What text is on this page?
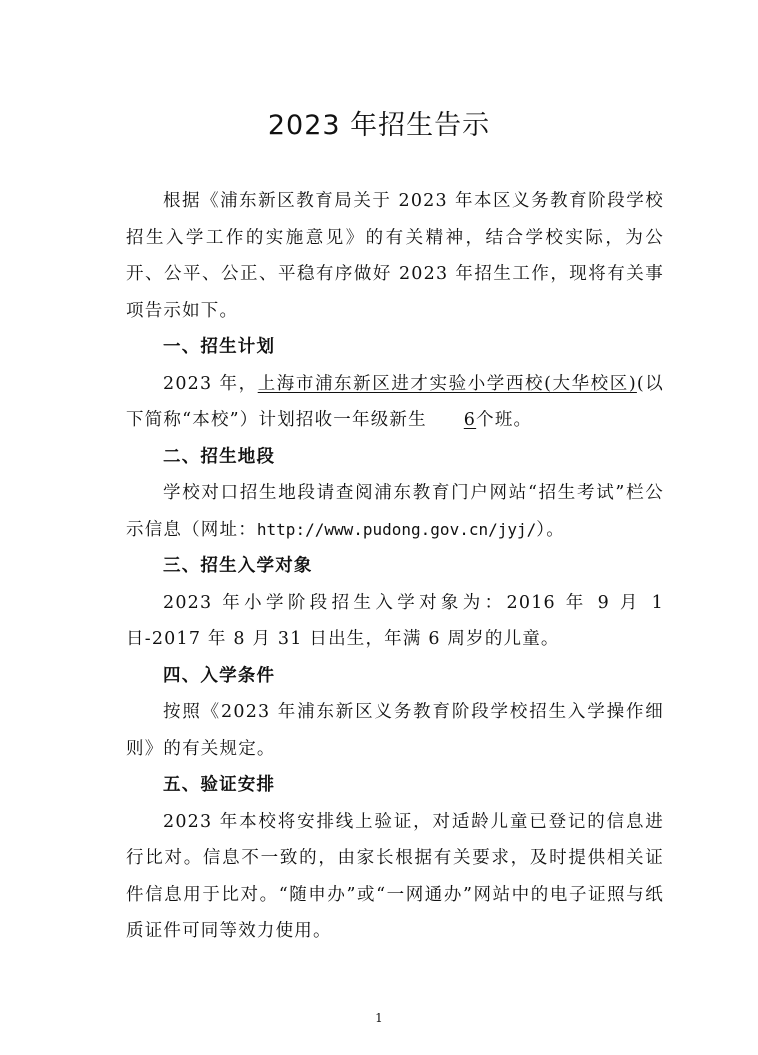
2023 年招生告示

根据《浦东新区教育局关于 2023 年本区义务教育阶段学校招生入学工作的实施意见》的有关精神，结合学校实际，为公开、公平、公正、平稳有序做好 2023 年招生工作，现将有关事项告示如下。

一、招生计划

2023 年，上海市浦东新区进才实验小学西校(大华校区)(以下简称“本校”）计划招收一年级新生 6个班。

二、招生地段

学校对口招生地段请查阅浦东教育门户网站“招生考试”栏公示信息（网址：http://www.pudong.gov.cn/jyj/）。

三、招生入学对象

2023 年小学阶段招生入学对象为：2016 年 9 月 1 日-2017 年 8 月 31 日出生，年满 6 周岁的儿童。

四、入学条件

按照《2023 年浦东新区义务教育阶段学校招生入学操作细则》的有关规定。

五、验证安排

2023 年本校将安排线上验证，对适龄儿童已登记的信息进行比对。信息不一致的，由家长根据有关要求，及时提供相关证件信息用于比对。“随申办”或“一网通办”网站中的电子证照与纸质证件可同等效力使用。

1
